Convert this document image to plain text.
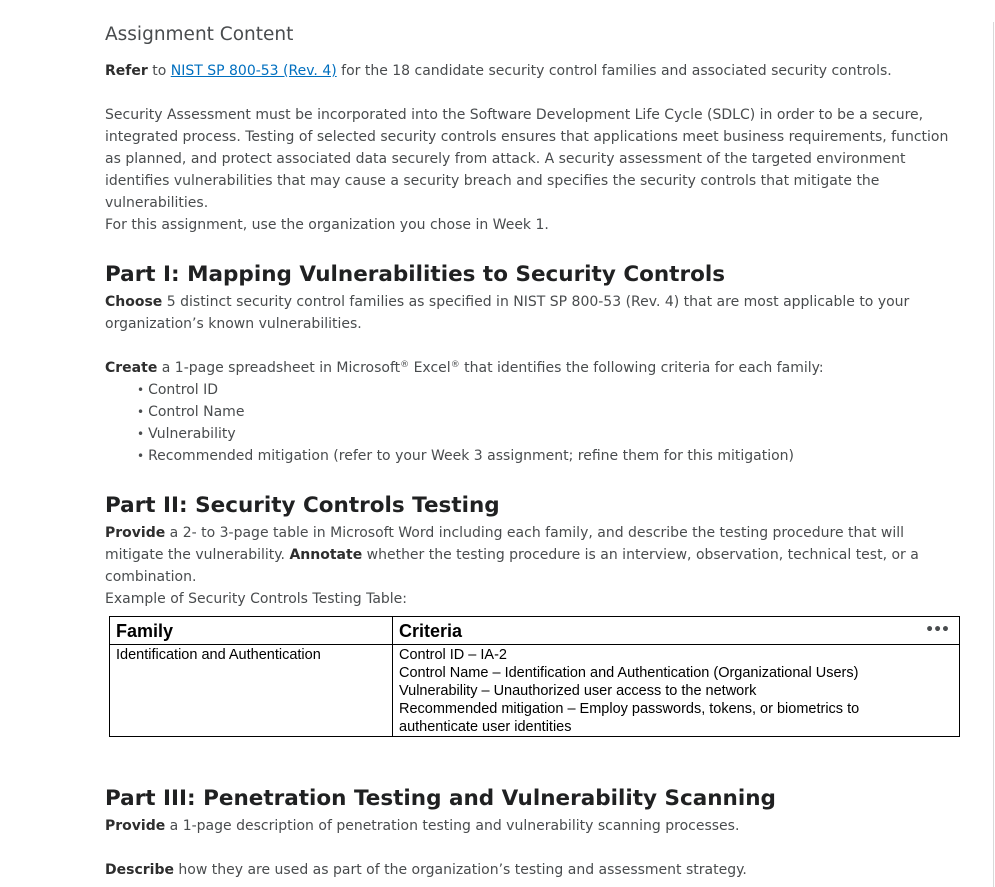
Assignment Content

Refer to NIST SP 800-53 (Rev. 4) for the 18 candidate security control families and associated security controls.

Security Assessment must be incorporated into the Software Development Life Cycle (SDLC) in order to be a secure, integrated process. Testing of selected security controls ensures that applications meet business requirements, function as planned, and protect associated data securely from attack. A security assessment of the targeted environment identifies vulnerabilities that may cause a security breach and specifies the security controls that mitigate the vulnerabilities.

For this assignment, use the organization you chose in Week 1.

Part I: Mapping Vulnerabilities to Security Controls

Choose 5 distinct security control families as specified in NIST SP 800-53 (Rev. 4) that are most applicable to your organization’s known vulnerabilities.

Create a 1-page spreadsheet in Microsoft® Excel® that identifies the following criteria for each family:

• Control ID
• Control Name
• Vulnerability
• Recommended mitigation (refer to your Week 3 assignment; refine them for this mitigation)
Part II: Security Controls Testing

Provide a 2- to 3-page table in Microsoft Word including each family, and describe the testing procedure that will mitigate the vulnerability. Annotate whether the testing procedure is an interview, observation, technical test, or a combination.

Example of Security Controls Testing Table:

Family	Criteria •••

Identification and Authentication	Control ID – IA-2
Control Name – Identification and Authentication (Organizational Users)
Vulnerability – Unauthorized user access to the network
Recommended mitigation – Employ passwords, tokens, or biometrics to
authenticate user identities
Part III: Penetration Testing and Vulnerability Scanning

Provide a 1-page description of penetration testing and vulnerability scanning processes.

Describe how they are used as part of the organization’s testing and assessment strategy.
